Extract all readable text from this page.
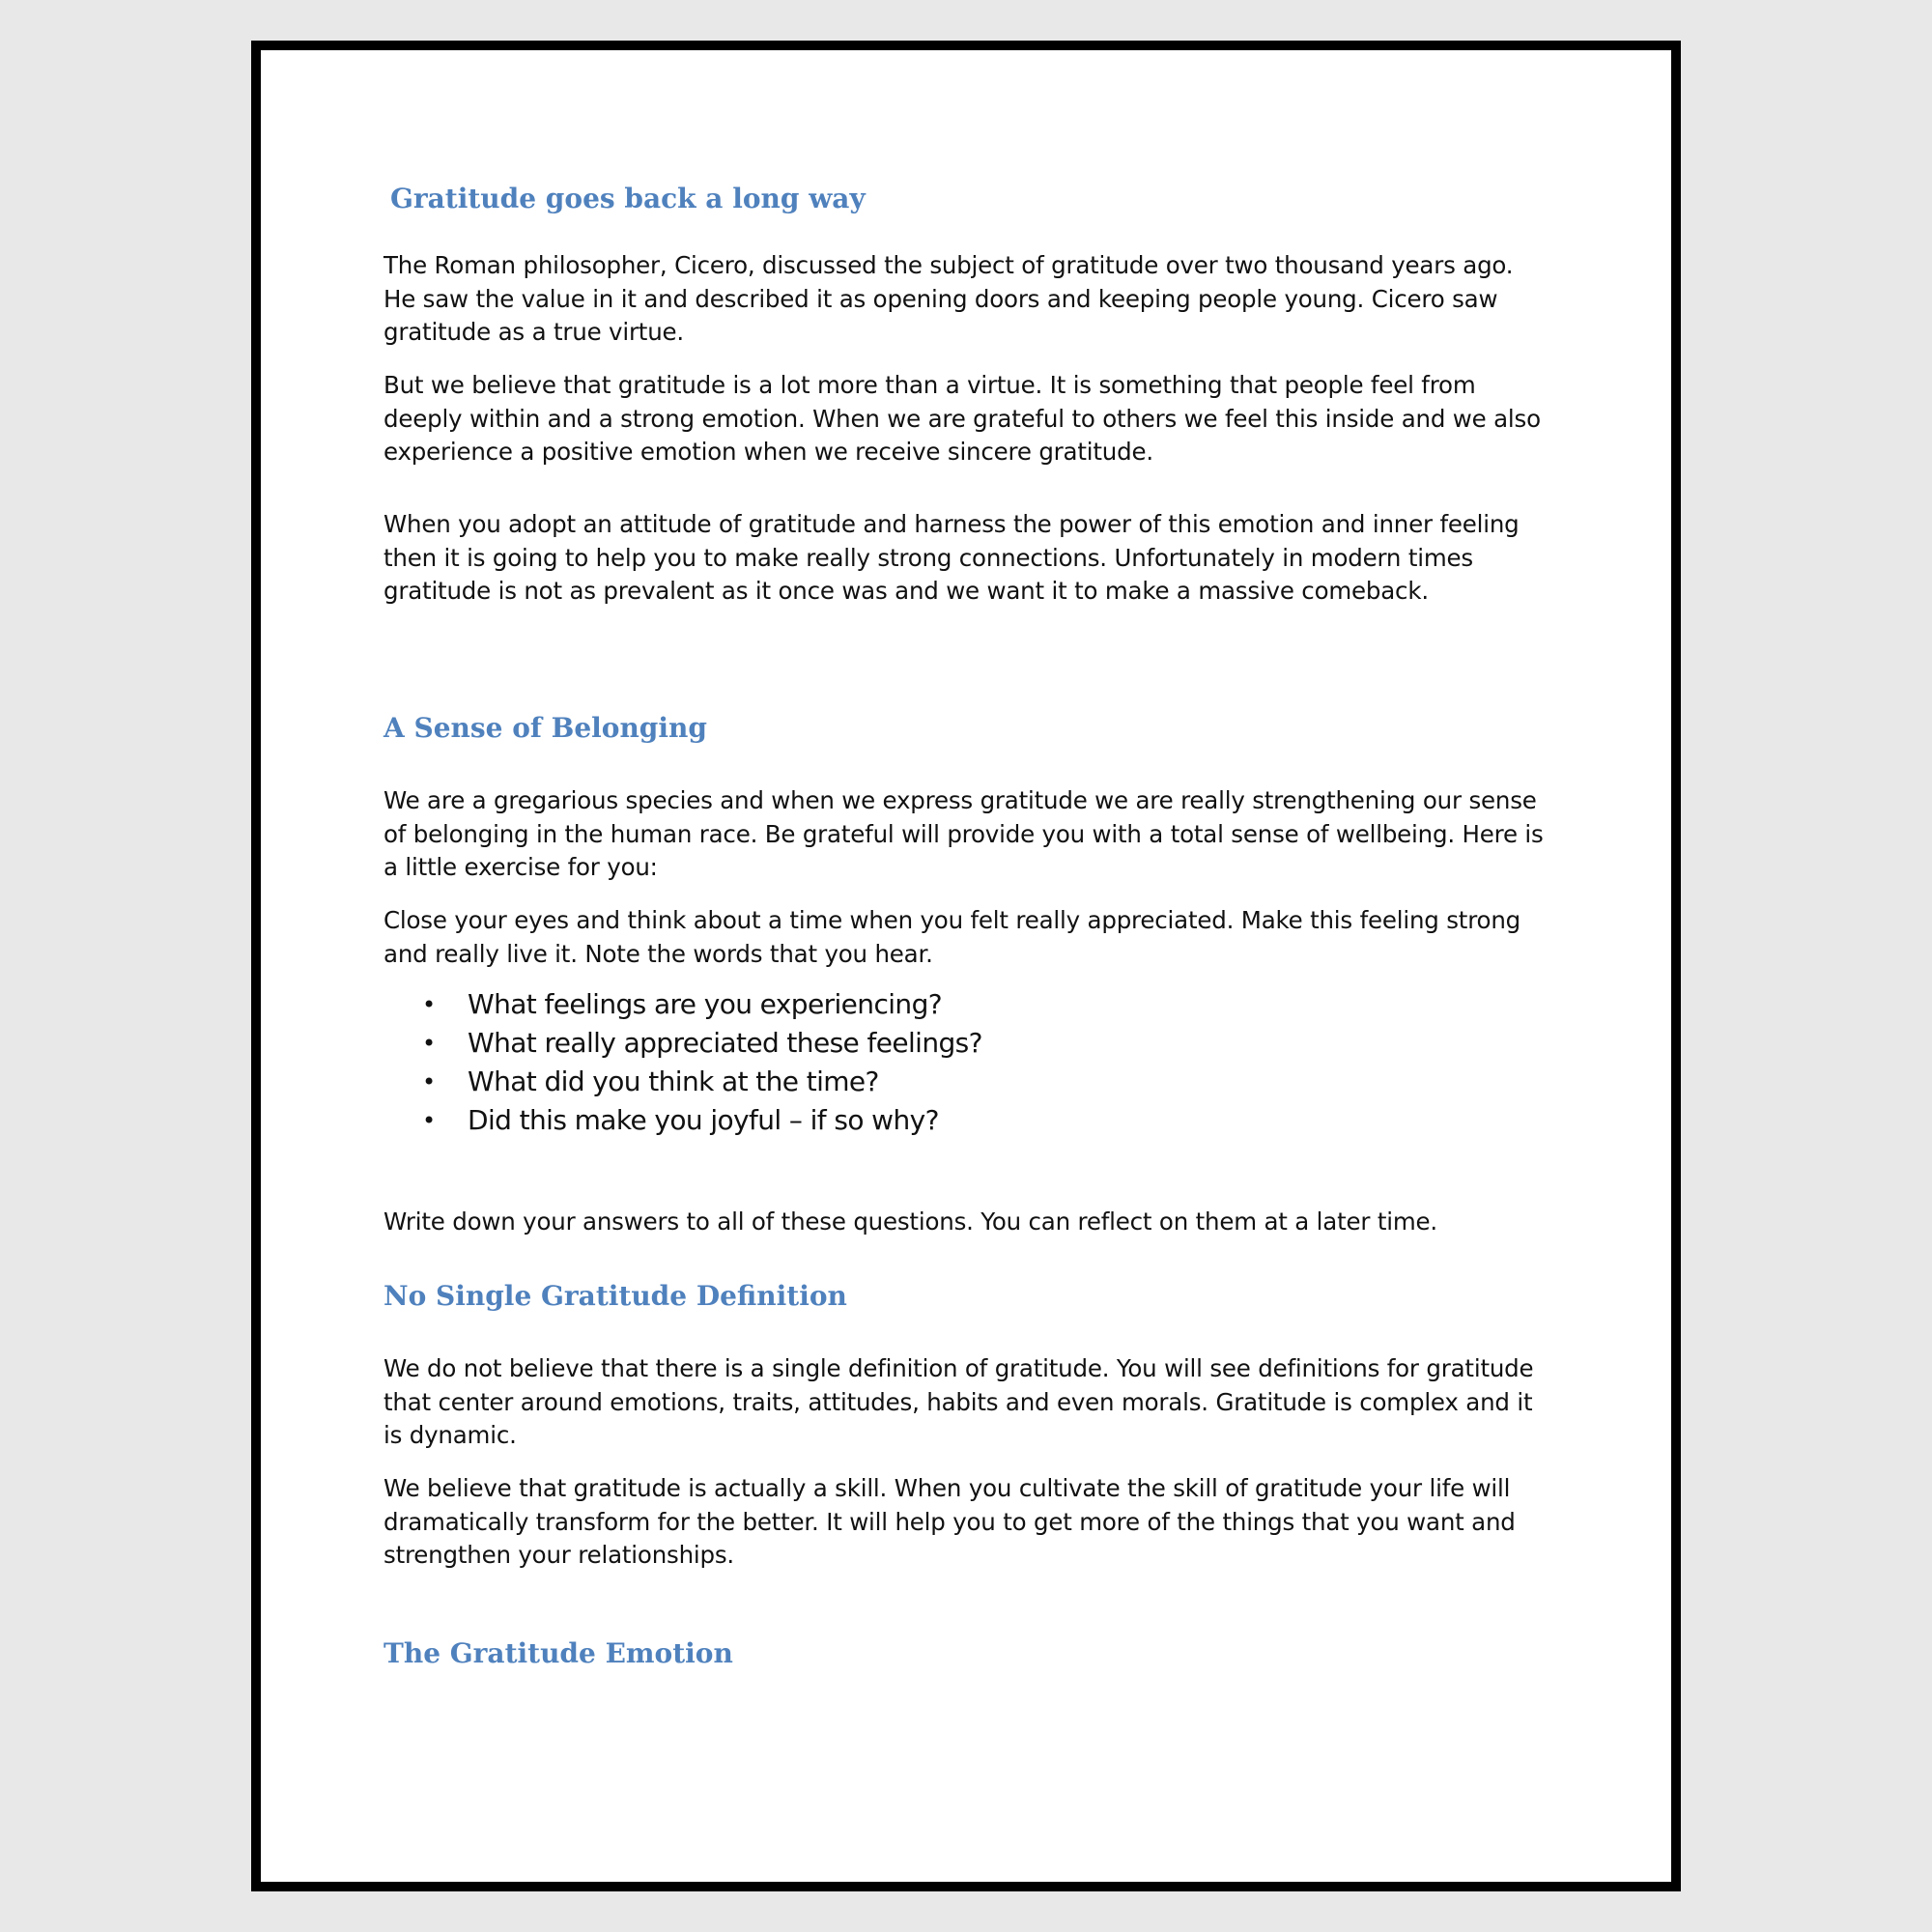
Gratitude goes back a long way

The Roman philosopher, Cicero, discussed the subject of gratitude over two thousand years ago. He saw the value in it and described it as opening doors and keeping people young. Cicero saw gratitude as a true virtue.

But we believe that gratitude is a lot more than a virtue. It is something that people feel from deeply within and a strong emotion. When we are grateful to others we feel this inside and we also experience a positive emotion when we receive sincere gratitude.

When you adopt an attitude of gratitude and harness the power of this emotion and inner feeling then it is going to help you to make really strong connections. Unfortunately in modern times gratitude is not as prevalent as it once was and we want it to make a massive comeback.

A Sense of Belonging

We are a gregarious species and when we express gratitude we are really strengthening our sense of belonging in the human race. Be grateful will provide you with a total sense of wellbeing. Here is a little exercise for you:

Close your eyes and think about a time when you felt really appreciated. Make this feeling strong and really live it. Note the words that you hear.

• What feelings are you experiencing?
• What really appreciated these feelings?
• What did you think at the time?
• Did this make you joyful – if so why?

Write down your answers to all of these questions. You can reflect on them at a later time.

No Single Gratitude Definition

We do not believe that there is a single definition of gratitude. You will see definitions for gratitude that center around emotions, traits, attitudes, habits and even morals. Gratitude is complex and it is dynamic.

We believe that gratitude is actually a skill. When you cultivate the skill of gratitude your life will dramatically transform for the better. It will help you to get more of the things that you want and strengthen your relationships.

The Gratitude Emotion
